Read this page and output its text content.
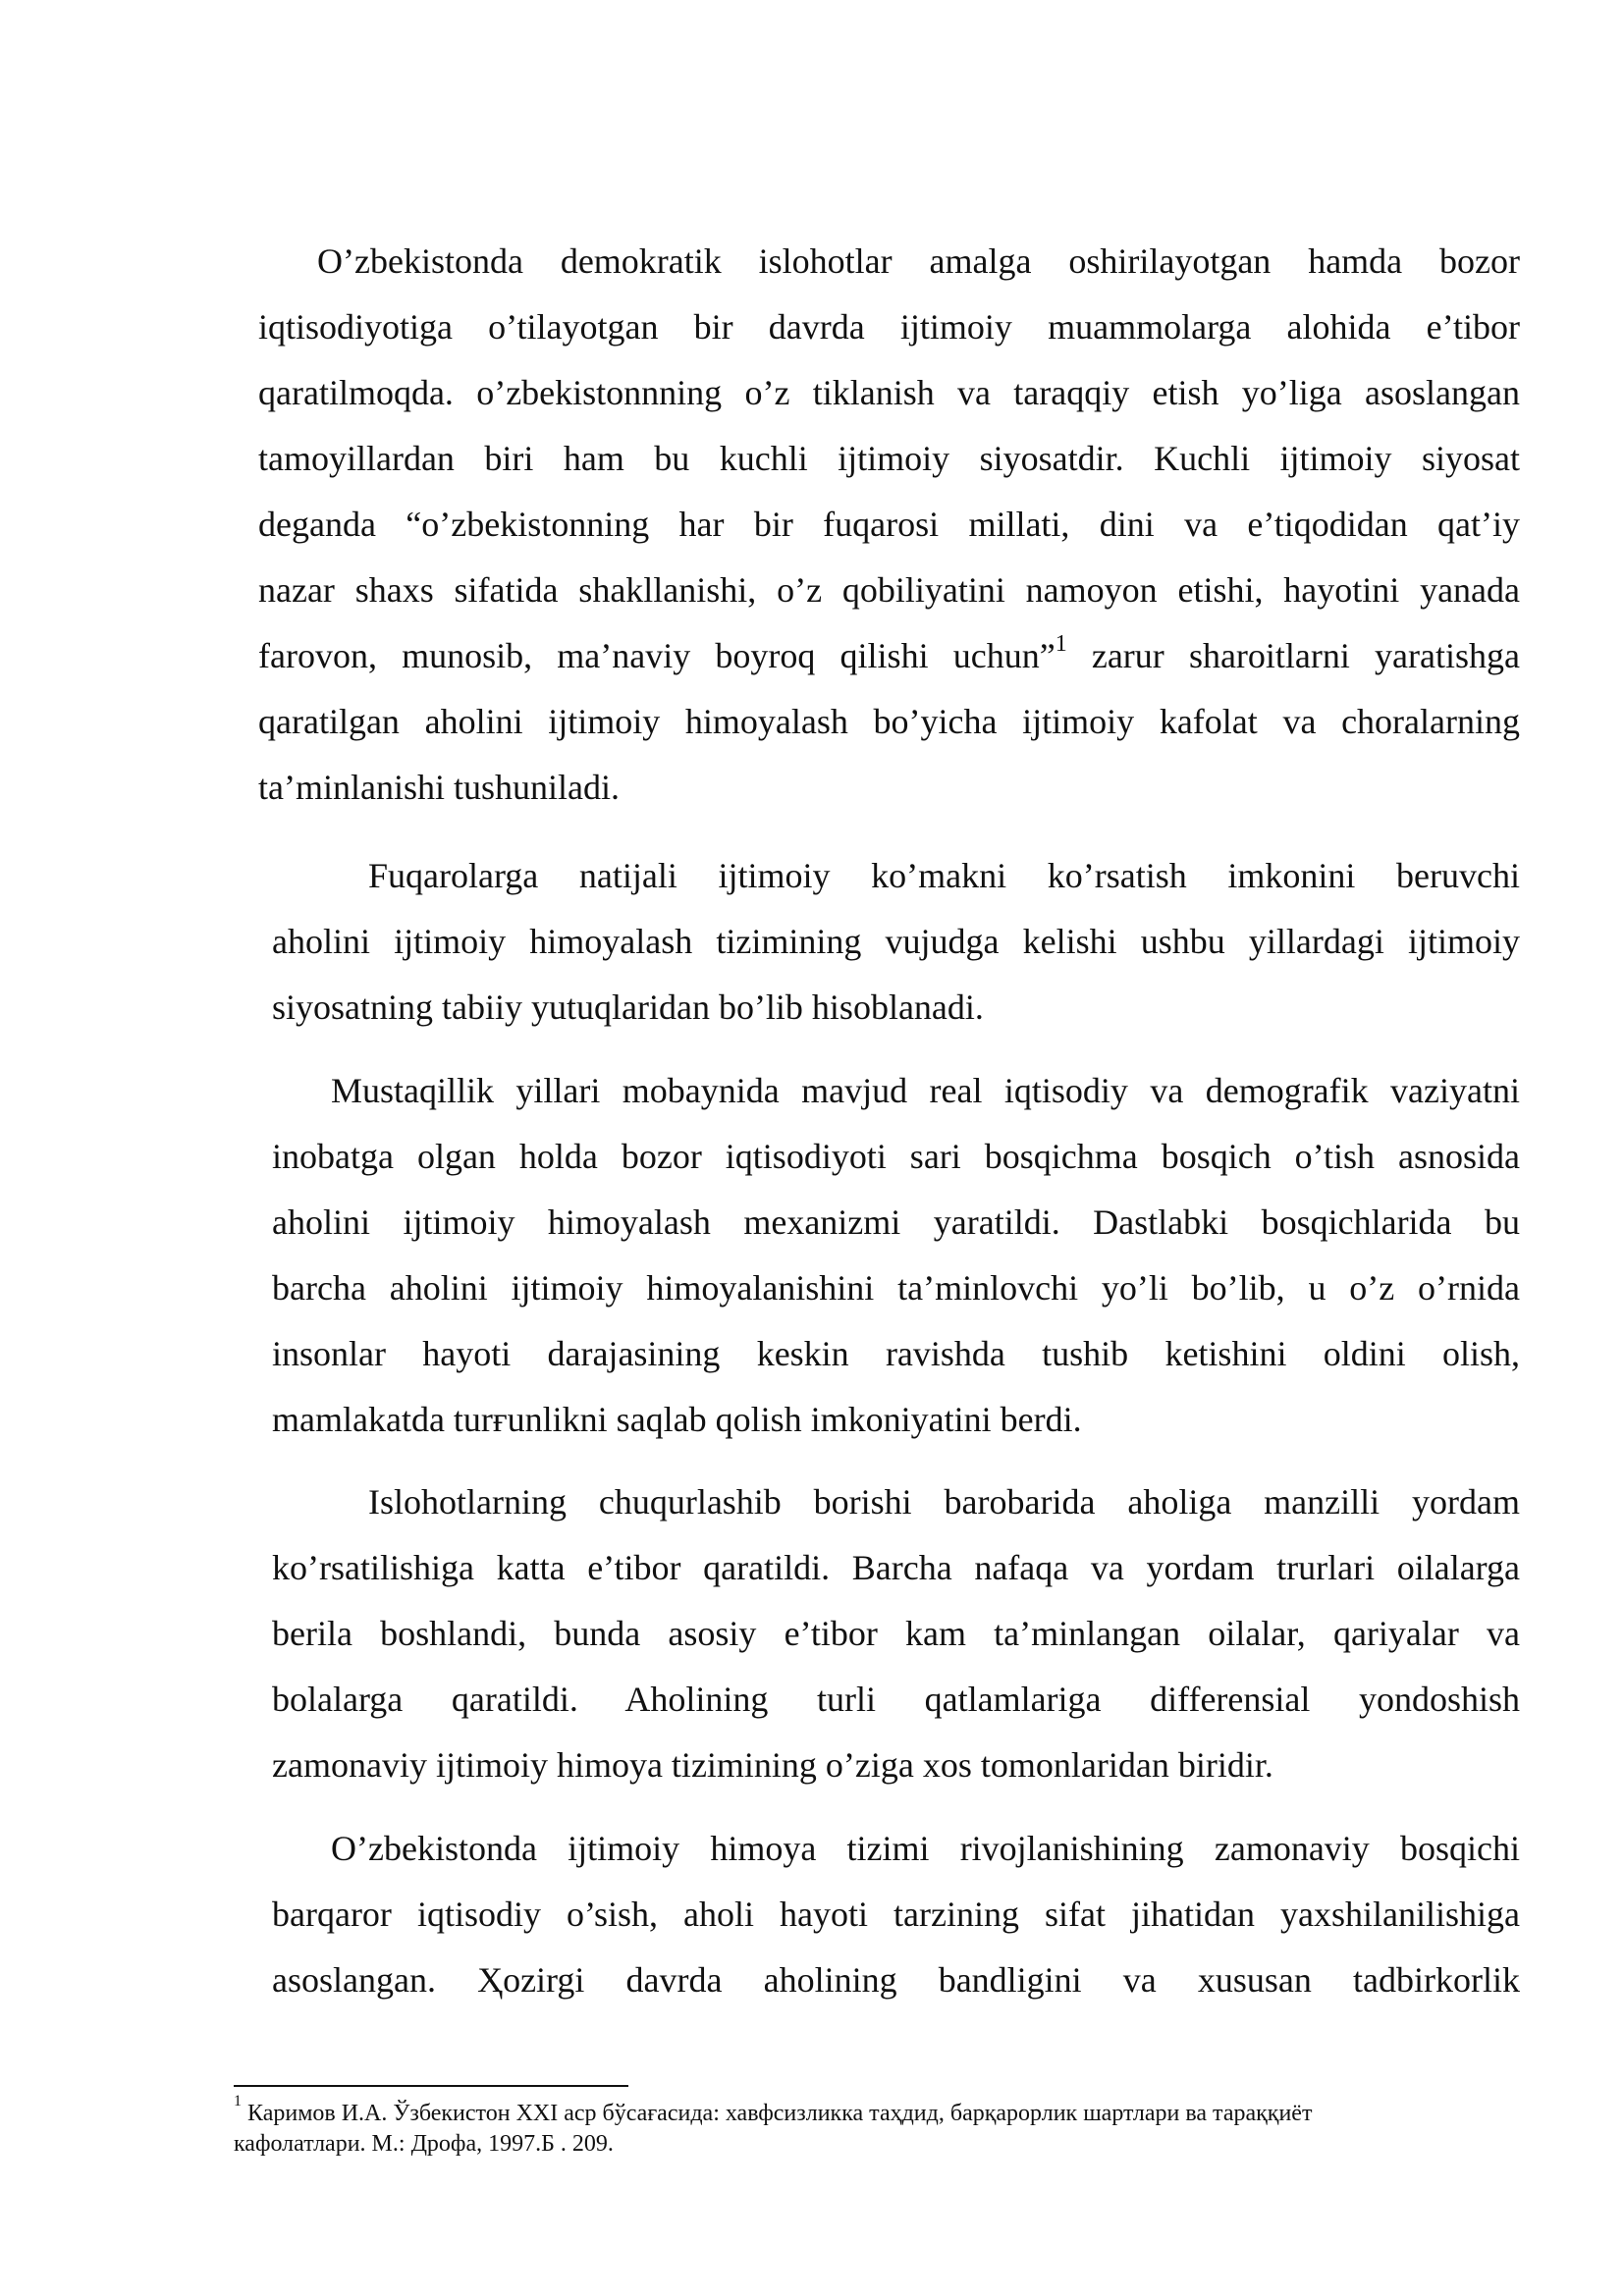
O’zbekistonda demokratik islohotlar amalga oshirilayotgan hamda bozor
iqtisodiyotiga o’tilayotgan bir davrda ijtimoiy muammolarga alohida e’tibor
qaratilmoqda. o’zbekistonnning o’z tiklanish va taraqqiy etish yo’liga asoslangan
tamoyillardan biri ham bu kuchli ijtimoiy siyosatdir. Kuchli ijtimoiy siyosat
deganda “o’zbekistonning har bir fuqarosi millati, dini va e’tiqodidan qat’iy
nazar shaxs sifatida shakllanishi, o’z qobiliyatini namoyon etishi, hayotini yanada
farovon, munosib, ma’naviy boyroq qilishi uchun”$^1$ zarur sharoitlarni yaratishga
qaratilgan aholini ijtimoiy himoyalash bo’yicha ijtimoiy kafolat va choralarning
ta’minlanishi tushuniladi.
Fuqarolarga natijali ijtimoiy ko’makni ko’rsatish imkonini beruvchi
aholini ijtimoiy himoyalash tizimining vujudga kelishi ushbu yillardagi ijtimoiy
siyosatning tabiiy yutuqlaridan bo’lib hisoblanadi.
Mustaqillik yillari mobaynida mavjud real iqtisodiy va demografik vaziyatni
inobatga olgan holda bozor iqtisodiyoti sari bosqichma bosqich o’tish asnosida
aholini ijtimoiy himoyalash mexanizmi yaratildi. Dastlabki bosqichlarida bu
barcha aholini ijtimoiy himoyalanishini ta’minlovchi yo’li bo’lib, u o’z o’rnida
insonlar hayoti darajasining keskin ravishda tushib ketishini oldini olish,
mamlakatda turғunlikni saqlab qolish imkoniyatini berdi.
Islohotlarning chuqurlashib borishi barobarida aholiga manzilli yordam
ko’rsatilishiga katta e’tibor qaratildi. Barcha nafaqa va yordam trurlari oilalarga
berila boshlandi, bunda asosiy e’tibor kam ta’minlangan oilalar, qariyalar va
bolalarga qaratildi. Aholining turli qatlamlariga differensial yondoshish
zamonaviy ijtimoiy himoya tizimining o’ziga xos tomonlaridan biridir.
O’zbekistonda ijtimoiy himoya tizimi rivojlanishining zamonaviy bosqichi
barqaror iqtisodiy o’sish, aholi hayoti tarzining sifat jihatidan yaxshilanilishiga
asoslangan. Ҳozirgi davrda aholining bandligini va xususan tadbirkorlik
$^1$ Каримов И.А. Ўзбекистон XXI аср бўсағасида: хавфсизликка таҳдид, барқарорлик шартлари ва тараққиёт
кафолатлари. М.: Дрофа, 1997.Б . 209.
